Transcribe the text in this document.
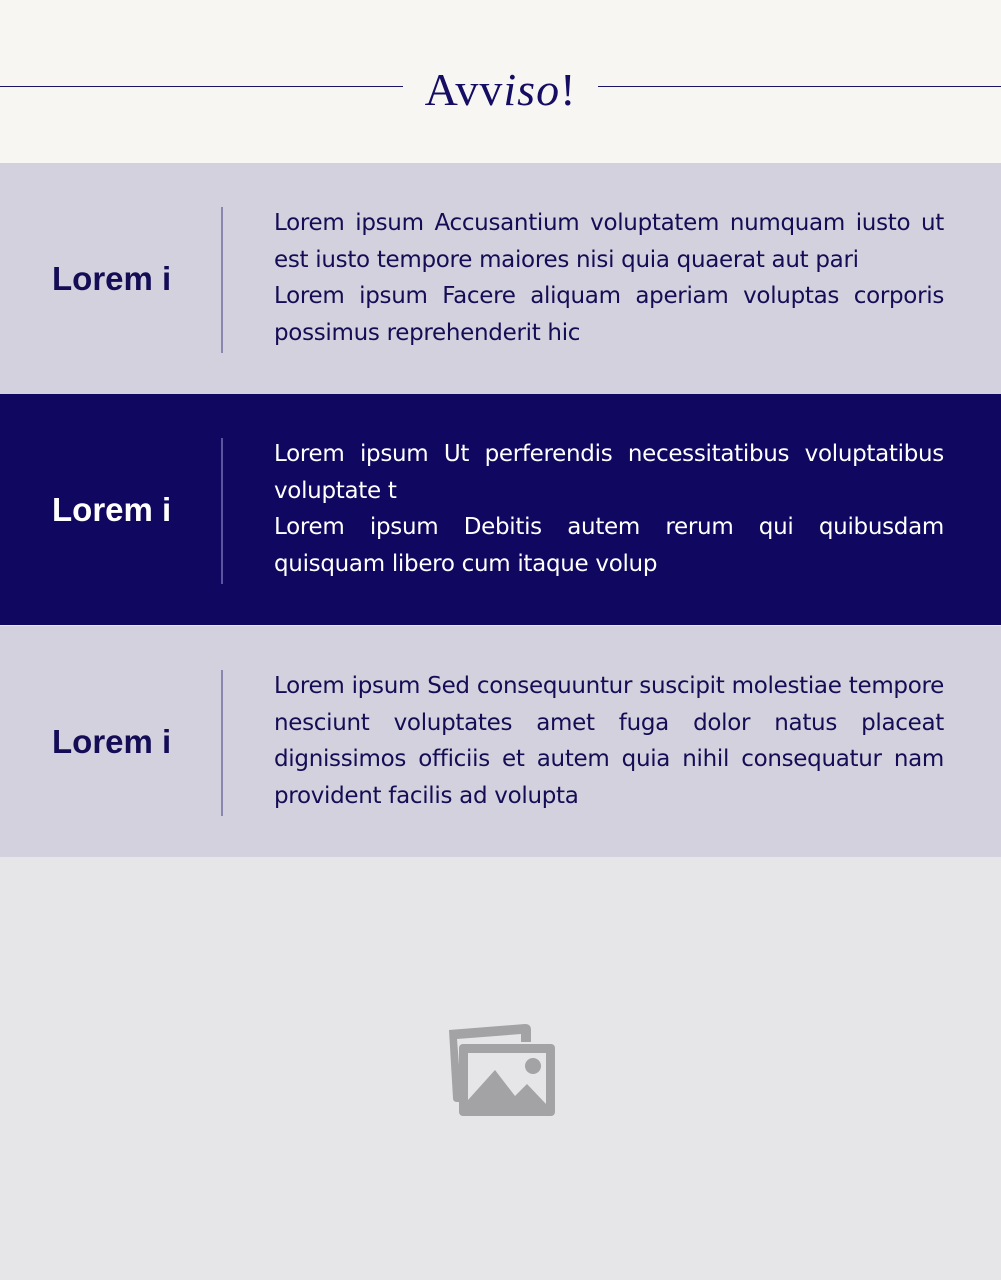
Avviso!
Lorem i

Lorem ipsum Accusantium voluptatem numquam iusto ut est iusto tempore maiores nisi quia quaerat aut pari

Lorem ipsum Facere aliquam aperiam voluptas corporis possimus reprehenderit hic

Lorem i

Lorem ipsum Ut perferendis necessitatibus voluptatibus voluptate t

Lorem ipsum Debitis autem rerum qui quibusdam quisquam libero cum itaque volup

Lorem i

Lorem ipsum Sed consequuntur suscipit molestiae tempore nesciunt voluptates amet fuga dolor natus placeat dignissimos officiis et autem quia nihil consequatur nam provident facilis ad volupta
